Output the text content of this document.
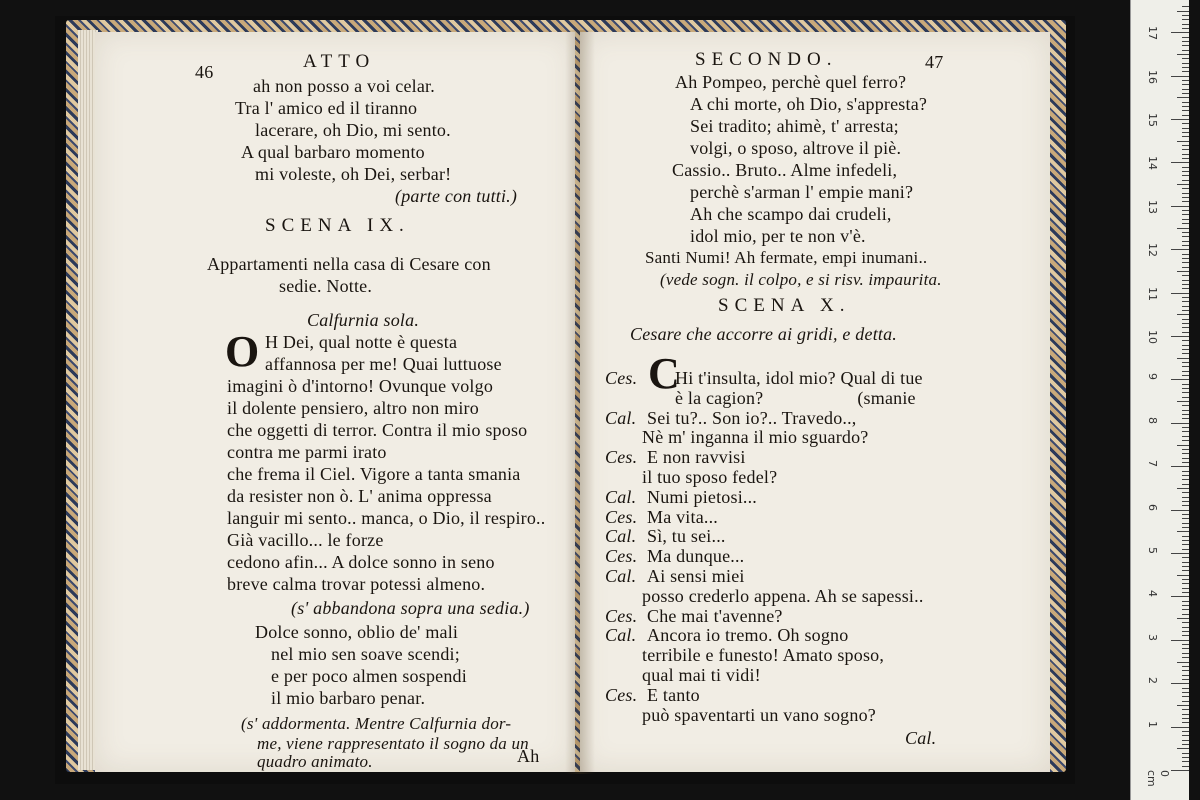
46	ATTO
ah non posso a voi celar.
Tra l' amico ed il tiranno
lacerare, oh Dio, mi sento.
A qual barbaro momento
mi voleste, oh Dei, serbar!
(parte con tutti.)
SCENA IX.
Appartamenti nella casa di Cesare con
sedie. Notte.
Calfurnia sola.
O H Dei, qual notte è questa
affannosa per me! Quai luttuose
imagini ò d'intorno! Ovunque volgo
il dolente pensiero, altro non miro
che oggetti di terror. Contra il mio sposo
contra me parmi irato
che frema il Ciel. Vigore a tanta smania
da resister non ò. L' anima oppressa
languir mi sento.. manca, o Dio, il respiro..
Già vacillo... le forze
cedono afin... A dolce sonno in seno
breve calma trovar potessi almeno.
(s' abbandona sopra una sedia.)
Dolce sonno, oblio de' mali
nel mio sen soave scendi;
e per poco almen sospendi
il mio barbaro penar.
(s' addormenta. Mentre Calfurnia dor-
me, viene rappresentato il sogno da un
quadro animato.	Ah
SECONDO.	47
Ah Pompeo, perchè quel ferro?
A chi morte, oh Dio, s'appresta?
Sei tradito; ahimè, t' arresta;
volgi, o sposo, altrove il piè.
Cassio.. Bruto.. Alme infedeli,
perchè s'arman l' empie mani?
Ah che scampo dai crudeli,
idol mio, per te non v'è.
Santi Numi! Ah fermate, empi inumani..
(vede sogn. il colpo, e si risv. impaurita.
SCENA X.
Cesare che accorre ai gridi, e detta.
C
Ces. Hi t'insulta, idol mio? Qual di tue
è la cagion?                    (smanie
Cal. Sei tu?.. Son io?.. Travedo..,
Nè m' inganna il mio sguardo?
Ces. E non ravvisi
il tuo sposo fedel?
Cal. Numi pietosi...
Ces. Ma vita...
Cal. Sì, tu sei...
Ces. Ma dunque...
Cal. Ai sensi miei
posso crederlo appena. Ah se sapessi..
Ces. Che mai t'avenne?
Cal. Ancora io tremo. Oh sogno
terribile e funesto! Amato sposo,
qual mai ti vidi!
Ces. E tanto
può spaventarti un vano sogno?
Cal.
0 cm
1
2
3
4
5
6
7
8
9
10
11
12
13
14
15
16
17
